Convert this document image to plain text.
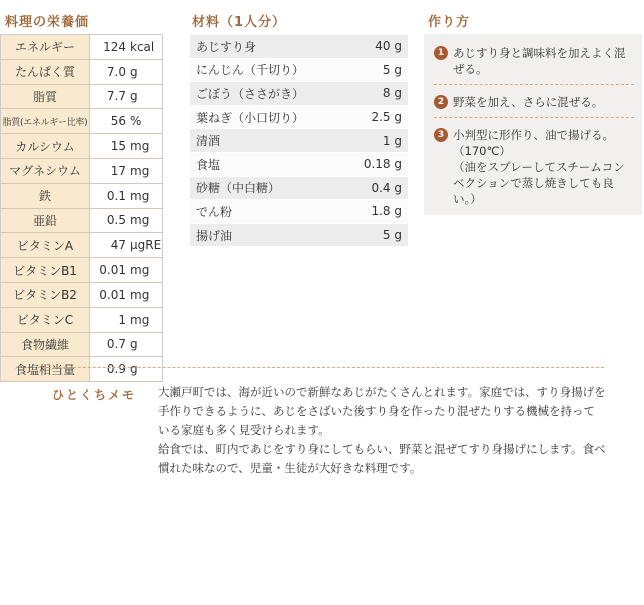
料理の栄養価	材料（1人分）	作り方
エネルギー	124 kcal
たんぱく質	7.0 g
脂質	7.7 g
脂質(エネルギー比率)	56 %
カルシウム	15 mg
マグネシウム	17 mg
鉄	0.1 mg
亜鉛	0.5 mg
ビタミンA	47 μgRE
ビタミンB1	0.01 mg
ビタミンB2	0.01 mg
ビタミンC	1 mg
食物繊維	0.7 g
食塩相当量	0.9 g
あじすり身	40 g
にんじん（千切り）	5 g
ごぼう（ささがき）	8 g
葉ねぎ（小口切り）	2.5 g
清酒	1 g
食塩	0.18 g
砂糖（中白糖）	0.4 g
でん粉	1.8 g
揚げ油	5 g
1 あじすり身と調味料を加えよく混ぜる。
2 野菜を加え、さらに混ぜる。
3 小判型に形作り、油で揚げる。（170℃）
（油をスプレーしてスチームコンベクションで蒸し焼きしても良い。）
ひとくちメモ 大瀬戸町では、海が近いので新鮮なあじがたくさんとれます。家庭では、すり身揚げを手作りできるように、あじをさばいた後すり身を作ったり混ぜたりする機械を持っている家庭も多く見受けられます。

給食では、町内であじをすり身にしてもらい、野菜と混ぜてすり身揚げにします。食べ慣れた味なので、児童・生徒が大好きな料理です。
